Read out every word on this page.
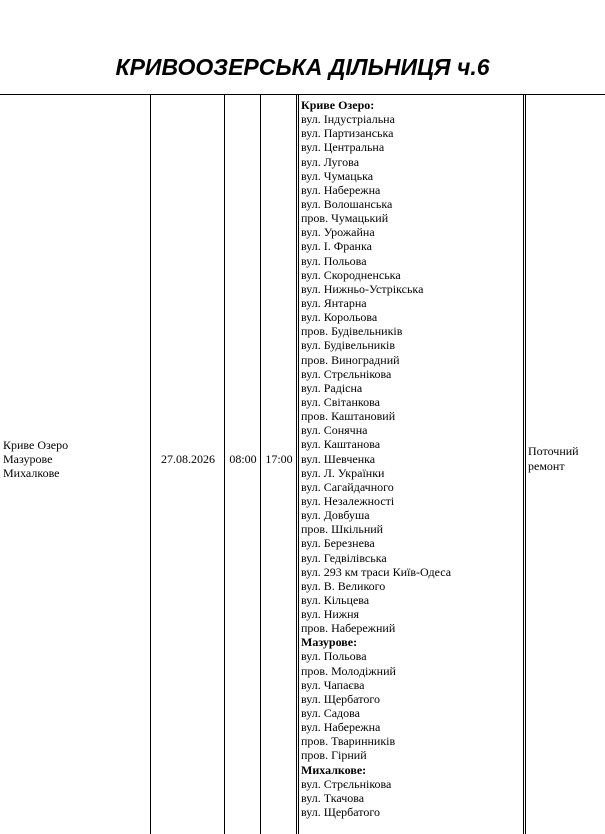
КРИВООЗЕРСЬКА ДІЛЬНИЦЯ ч.6
Криве Озеро
Мазурове
Михалкове
27.08.2026 08:00 17:00
Криве Озеро:
вул. Індустріальна
вул. Партизанська
вул. Центральна
вул. Лугова
вул. Чумацька
вул. Набережна
вул. Волошанська
пров. Чумацький
вул. Урожайна
вул. І. Франка
вул. Польова
вул. Скородненська
вул. Нижньо-Устрікська
вул. Янтарна
вул. Корольова
пров. Будівельників
вул. Будівельників
пров. Виноградний
вул. Стрєльнікова
вул. Радісна
вул. Світанкова
пров. Каштановий
вул. Сонячна
вул. Каштанова
вул. Шевченка
вул. Л. Українки
вул. Сагайдачного
вул. Незалежності
вул. Довбуша
пров. Шкільний
вул. Березнева
вул. Гедвілівська
вул. 293 км траси Київ-Одеса
вул. В. Великого
вул. Кільцева
вул. Нижня
пров. Набережний
Мазурове:
вул. Польова
пров. Молодіжний
вул. Чапаєва
вул. Щербатого
вул. Садова
вул. Набережна
пров. Тваринників
пров. Гірний
Михалкове:
вул. Стрєльнікова
вул. Ткачова
вул. Щербатого
Поточний
ремонт
